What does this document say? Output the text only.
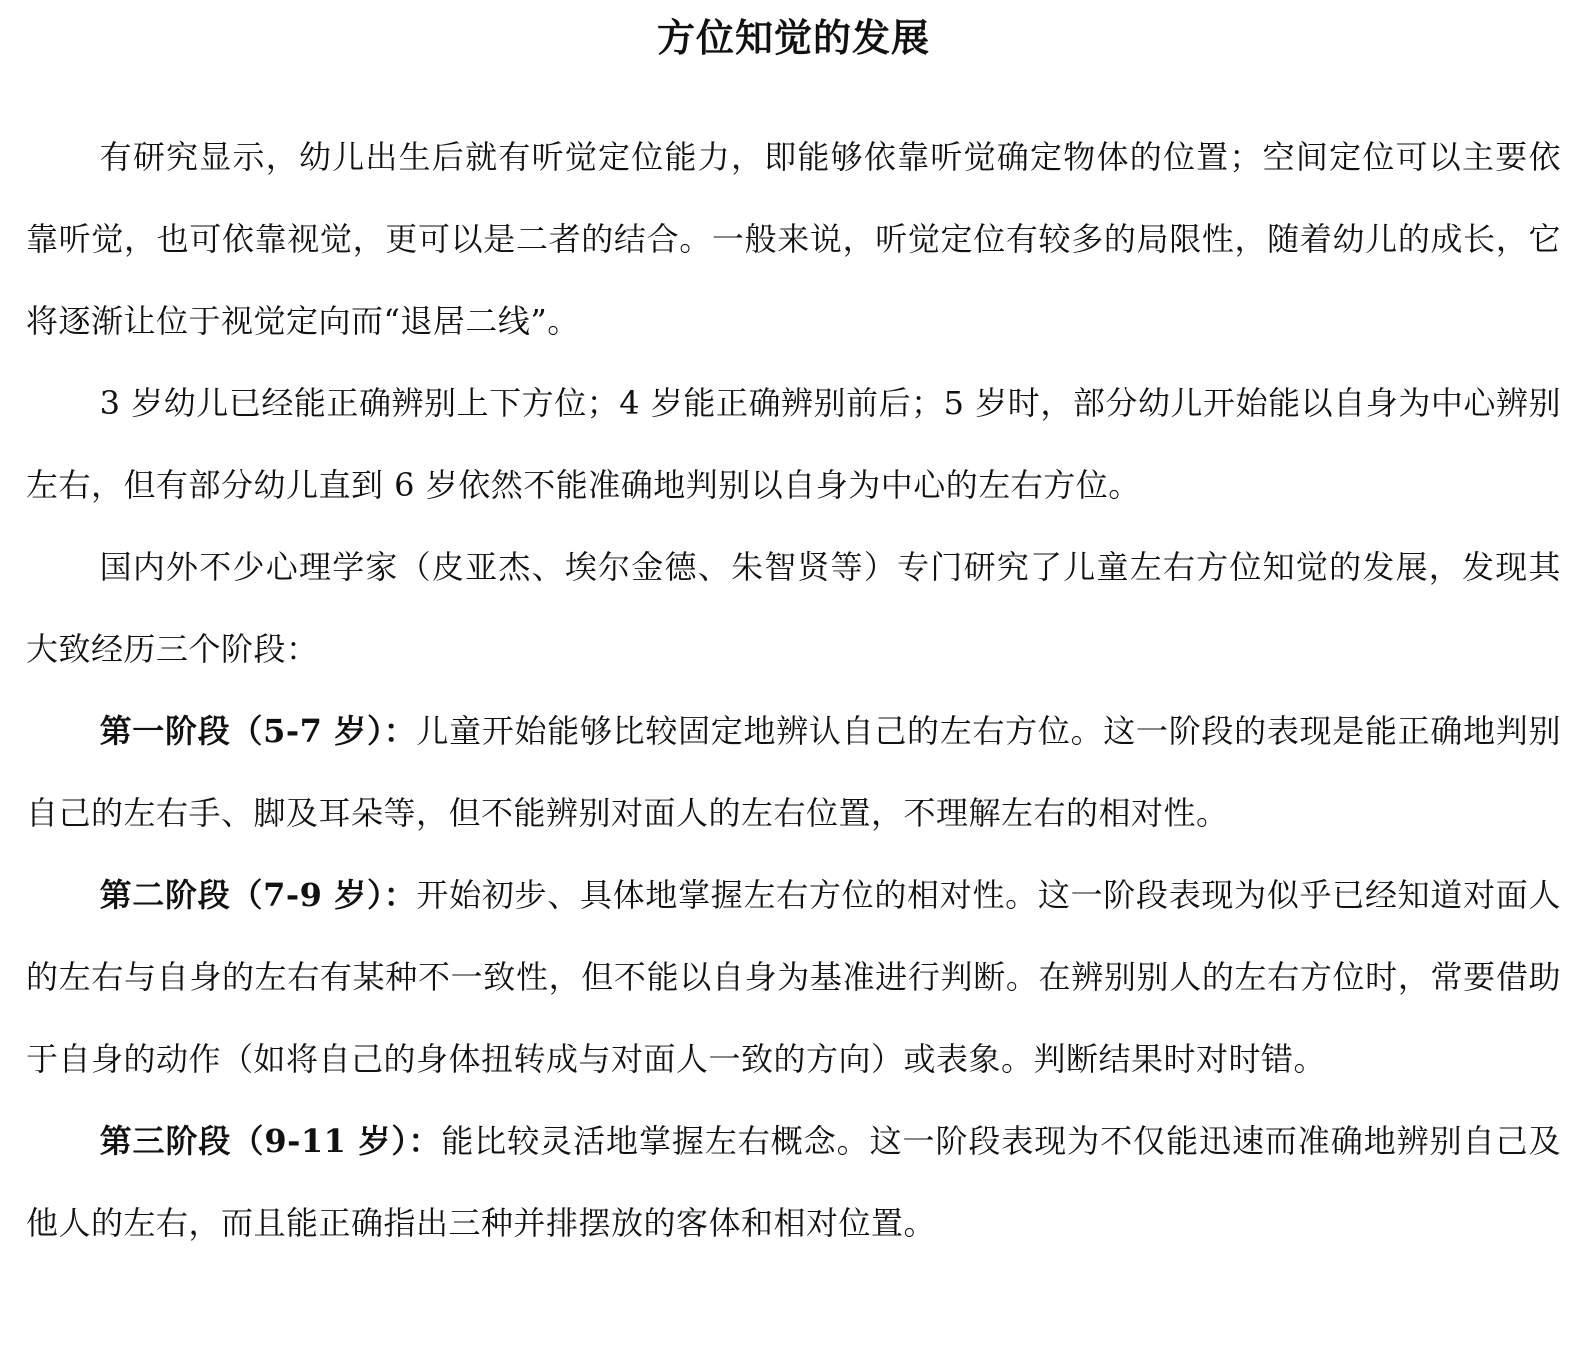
方位知觉的发展

有研究显示，幼儿出生后就有听觉定位能力，即能够依靠听觉确定物体的位置；空间定位可以主要依靠听觉，也可依靠视觉，更可以是二者的结合。一般来说，听觉定位有较多的局限性，随着幼儿的成长，它将逐渐让位于视觉定向而“退居二线”。

3 岁幼儿已经能正确辨别上下方位；4 岁能正确辨别前后；5 岁时，部分幼儿开始能以自身为中心辨别左右，但有部分幼儿直到 6 岁依然不能准确地判别以自身为中心的左右方位。

国内外不少心理学家（皮亚杰、埃尔金德、朱智贤等）专门研究了儿童左右方位知觉的发展，发现其大致经历三个阶段：

第一阶段（5-7 岁）：儿童开始能够比较固定地辨认自己的左右方位。这一阶段的表现是能正确地判别自己的左右手、脚及耳朵等，但不能辨别对面人的左右位置，不理解左右的相对性。

第二阶段（7-9 岁）：开始初步、具体地掌握左右方位的相对性。这一阶段表现为似乎已经知道对面人的左右与自身的左右有某种不一致性，但不能以自身为基准进行判断。在辨别别人的左右方位时，常要借助于自身的动作（如将自己的身体扭转成与对面人一致的方向）或表象。判断结果时对时错。

第三阶段（9-11 岁）：能比较灵活地掌握左右概念。这一阶段表现为不仅能迅速而准确地辨别自己及他人的左右，而且能正确指出三种并排摆放的客体和相对位置。
